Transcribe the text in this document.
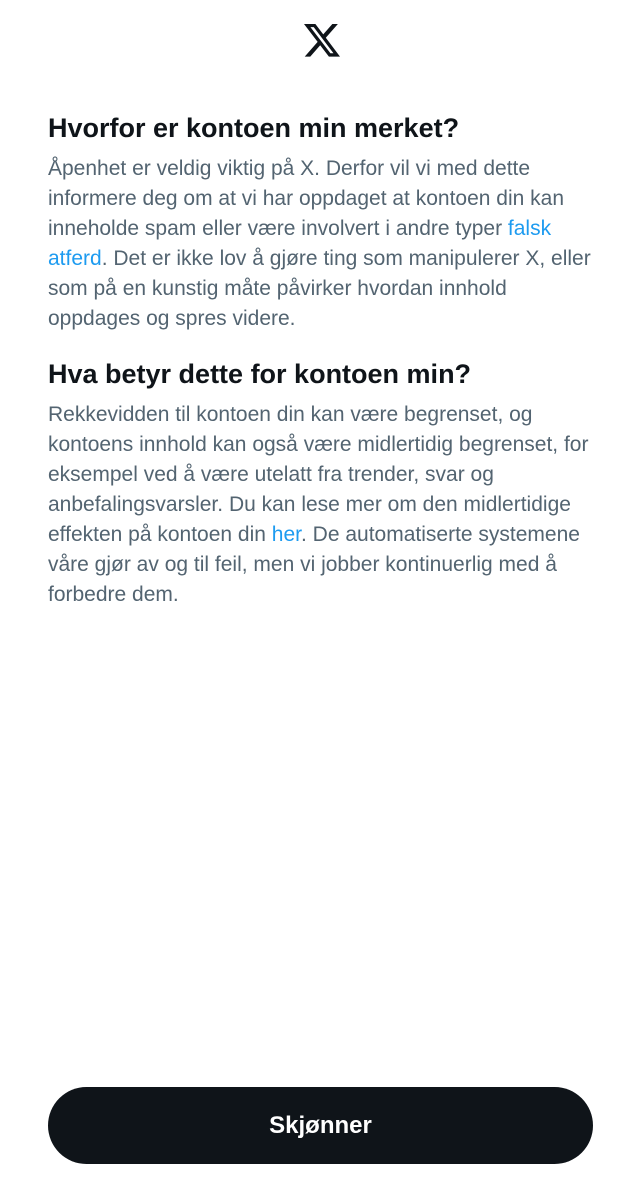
Hvorfor er kontoen min merket?

Åpenhet er veldig viktig på X. Derfor vil vi med dette informere deg om at vi har oppdaget at kontoen din kan inneholde spam eller være involvert i andre typer falsk atferd. Det er ikke lov å gjøre ting som manipulerer X, eller som på en kunstig måte påvirker hvordan innhold oppdages og spres videre.

Hva betyr dette for kontoen min?

Rekkevidden til kontoen din kan være begrenset, og kontoens innhold kan også være midlertidig begrenset, for eksempel ved å være utelatt fra trender, svar og anbefalingsvarsler. Du kan lese mer om den midlertidige effekten på kontoen din her. De automatiserte systemene våre gjør av og til feil, men vi jobber kontinuerlig med å forbedre dem.

Skjønner
